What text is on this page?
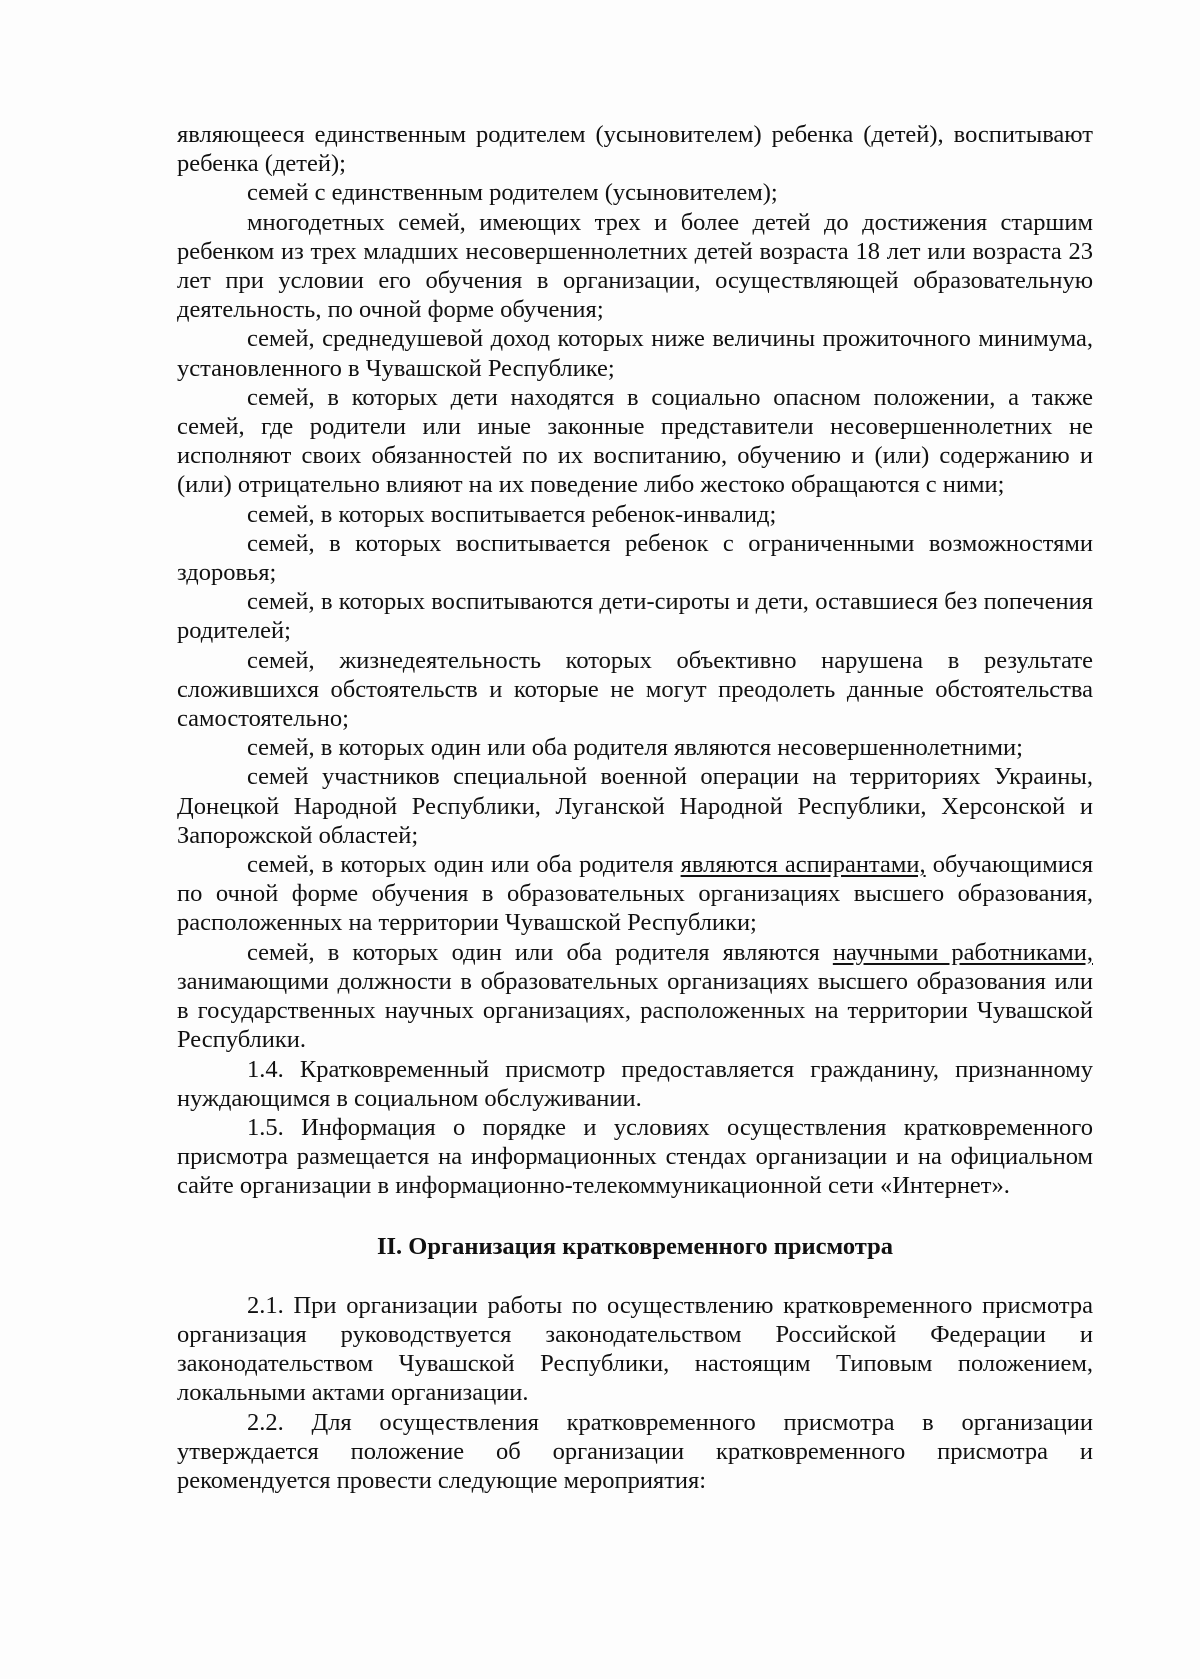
являющееся единственным родителем (усыновителем) ребенка (детей), воспитывают ребенка (детей);

семей с единственным родителем (усыновителем);

многодетных семей, имеющих трех и более детей до достижения старшим ребенком из трех младших несовершеннолетних детей возраста 18 лет или возраста 23 лет при условии его обучения в организации, осуществляющей образовательную деятельность, по очной форме обучения;

семей, среднедушевой доход которых ниже величины прожиточного минимума, установленного в Чувашской Республике;

семей, в которых дети находятся в социально опасном положении, а также семей, где родители или иные законные представители несовершеннолетних не исполняют своих обязанностей по их воспитанию, обучению и (или) содержанию и (или) отрицательно влияют на их поведение либо жестоко обращаются с ними;

семей, в которых воспитывается ребенок-инвалид;

семей, в которых воспитывается ребенок с ограниченными возможностями здоровья;

семей, в которых воспитываются дети-сироты и дети, оставшиеся без попечения родителей;

семей, жизнедеятельность которых объективно нарушена в результате сложившихся обстоятельств и которые не могут преодолеть данные обстоятельства самостоятельно;

семей, в которых один или оба родителя являются несовершеннолетними;

семей участников специальной военной операции на территориях Украины, Донецкой Народной Республики, Луганской Народной Республики, Херсонской и Запорожской областей;

семей, в которых один или оба родителя являются аспирантами, обучающимися по очной форме обучения в образовательных организациях высшего образования, расположенных на территории Чувашской Республики;

семей, в которых один или оба родителя являются научными работниками, занимающими должности в образовательных организациях высшего образования или в государственных научных организациях, расположенных на территории Чувашской Республики.

1.4. Кратковременный присмотр предоставляется гражданину, признанному нуждающимся в социальном обслуживании.

1.5. Информация о порядке и условиях осуществления кратковременного присмотра размещается на информационных стендах организации и на официальном сайте организации в информационно-телекоммуникационной сети «Интернет».

II. Организация кратковременного присмотра

2.1. При организации работы по осуществлению кратковременного присмотра организация руководствуется законодательством Российской Федерации и законодательством Чувашской Республики, настоящим Типовым положением, локальными актами организации.

2.2. Для осуществления кратковременного присмотра в организации утверждается положение об организации кратковременного присмотра и рекомендуется провести следующие мероприятия:
